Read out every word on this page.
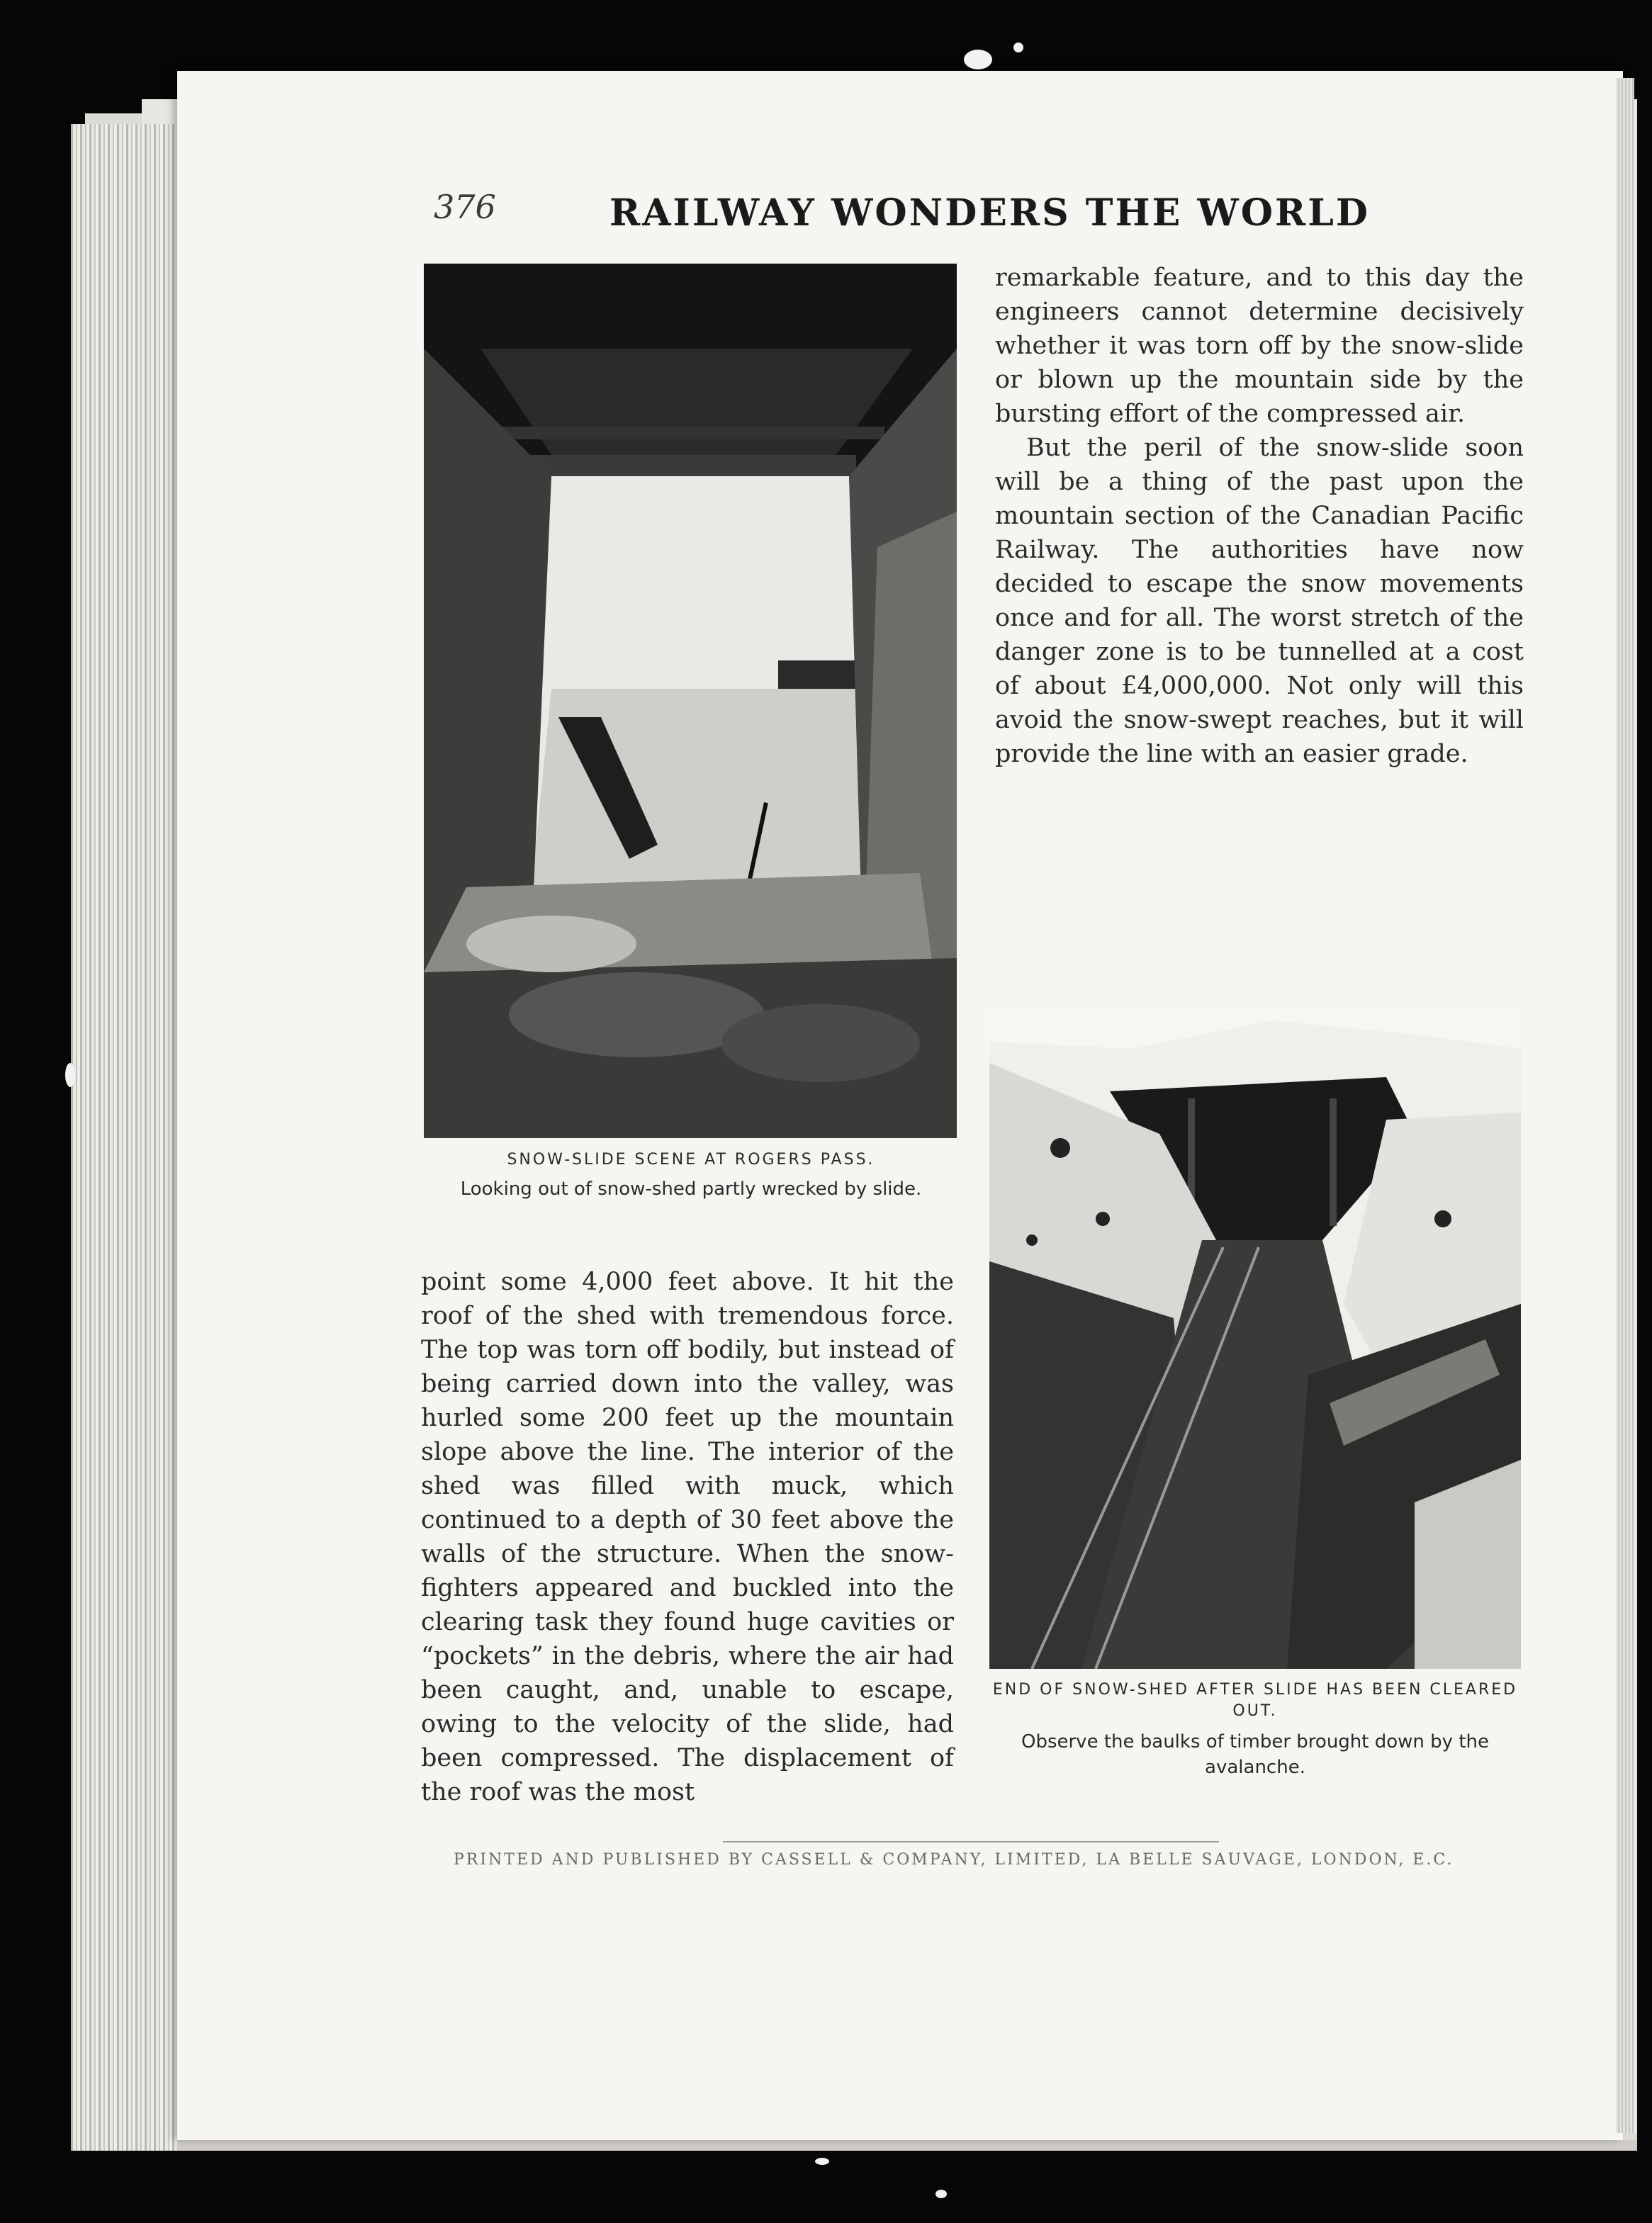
376	RAILWAY WONDERS THE WORLD
SNOW-SLIDE SCENE AT ROGERS PASS.
Looking out of snow-shed partly wrecked by slide.

remarkable feature, and to this day the engineers cannot determine decisively whether it was torn off by the snow-slide or blown up the mountain side by the bursting effort of the compressed air.

But the peril of the snow-slide soon will be a thing of the past upon the mountain section of the Canadian Pacific Railway. The authorities have now decided to escape the snow movements once and for all. The worst stretch of the danger zone is to be tunnelled at a cost of about £4,000,000. Not only will this avoid the snow-swept reaches, but it will provide the line with an easier grade.

point some 4,000 feet above. It hit the roof of the shed with tremendous force. The top was torn off bodily, but instead of being carried down into the valley, was hurled some 200 feet up the mountain slope above the line. The interior of the shed was filled with muck, which continued to a depth of 30 feet above the walls of the structure. When the snow-fighters appeared and buckled into the clearing task they found huge cavities or “pockets” in the debris, where the air had been caught, and, unable to escape, owing to the velocity of the slide, had been compressed. The displacement of the roof was the most

END OF SNOW-SHED AFTER SLIDE HAS BEEN CLEARED OUT.
Observe the baulks of timber brought down by the avalanche.
PRINTED AND PUBLISHED BY CASSELL & COMPANY, LIMITED, LA BELLE SAUVAGE, LONDON, E.C.
